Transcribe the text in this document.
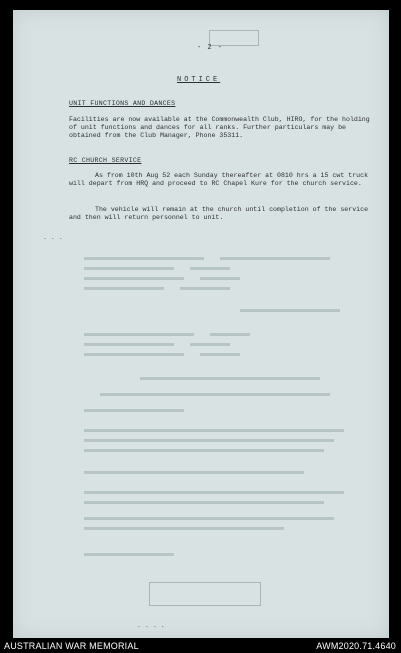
- 2 -
NOTICE
UNIT FUNCTIONS AND DANCES
Facilities are now available at the Commonwealth Club, HIRO, for the holding of unit functions and dances for all ranks. Further particulars may be obtained from the Club Manager, Phone 35311.
RC CHURCH SERVICE
As from 10th Aug 52 each Sunday thereafter at 0810 hrs a 15 cwt truck will depart from HRQ and proceed to RC Chapel Kure for the church service.
The vehicle will remain at the church until completion of the service and then will return personnel to unit.
. . .
. . . .
AUSTRALIAN WAR MEMORIAL	AWM2020.71.4640
